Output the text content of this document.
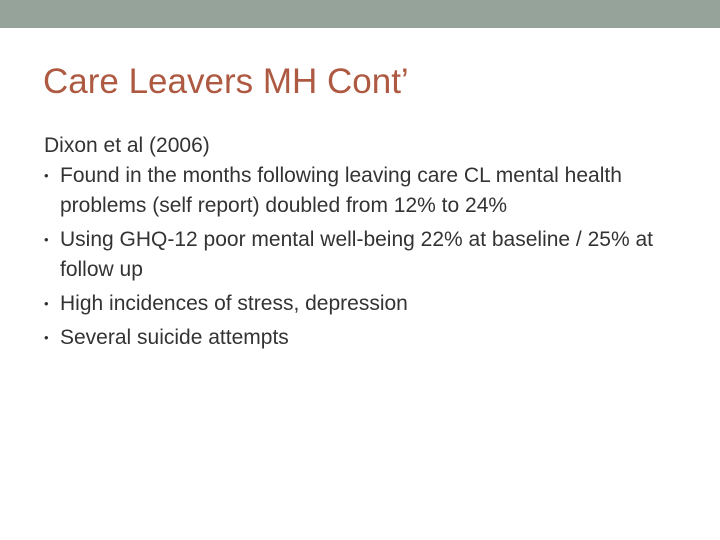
Care Leavers MH Cont’

Dixon et al (2006)

• Found in the months following leaving care CL mental health problems (self report) doubled from 12% to 24%
• Using GHQ-12 poor mental well-being 22% at baseline / 25% at follow up
• High incidences of stress, depression
• Several suicide attempts
